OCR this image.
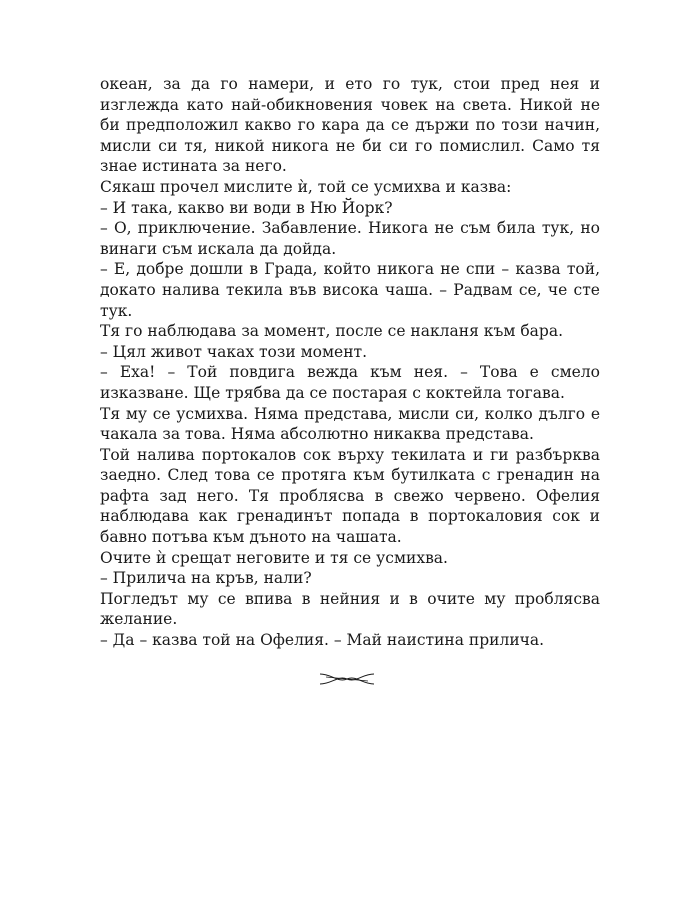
океан, за да го намери, и ето го тук, стои пред нея и изглежда като най-обикновения човек на света. Никой не би предположил какво го кара да се държи по този начин, мисли си тя, никой никога не би си го помислил. Само тя знае истината за него.

Сякаш прочел мислите ѝ, той се усмихва и казва:

– И така, какво ви води в Ню Йорк?

– О, приключение. Забавление. Никога не съм била тук, но винаги съм искала да дойда.

– Е, добре дошли в Града, който никога не спи – казва той, докато налива текила във висока чаша. – Радвам се, че сте тук.

Тя го наблюдава за момент, после се накланя към бара.

– Цял живот чаках този момент.

– Еха! – Той повдига вежда към нея. – Това е смело изказване. Ще трябва да се постарая с коктейла тогава.

Тя му се усмихва. Няма представа, мисли си, колко дълго е чакала за това. Няма абсолютно никаква представа.

Той налива портокалов сок върху текилата и ги разбърква заедно. След това се протяга към бутилката с гренадин на рафта зад него. Тя проблясва в свежо червено. Офелия наблюдава как гренадинът попада в портокаловия сок и бавно потъва към дъното на чашата.

Очите ѝ срещат неговите и тя се усмихва.

– Прилича на кръв, нали?

Погледът му се впива в нейния и в очите му проблясва желание.

– Да – казва той на Офелия. – Май наистина прилича.
